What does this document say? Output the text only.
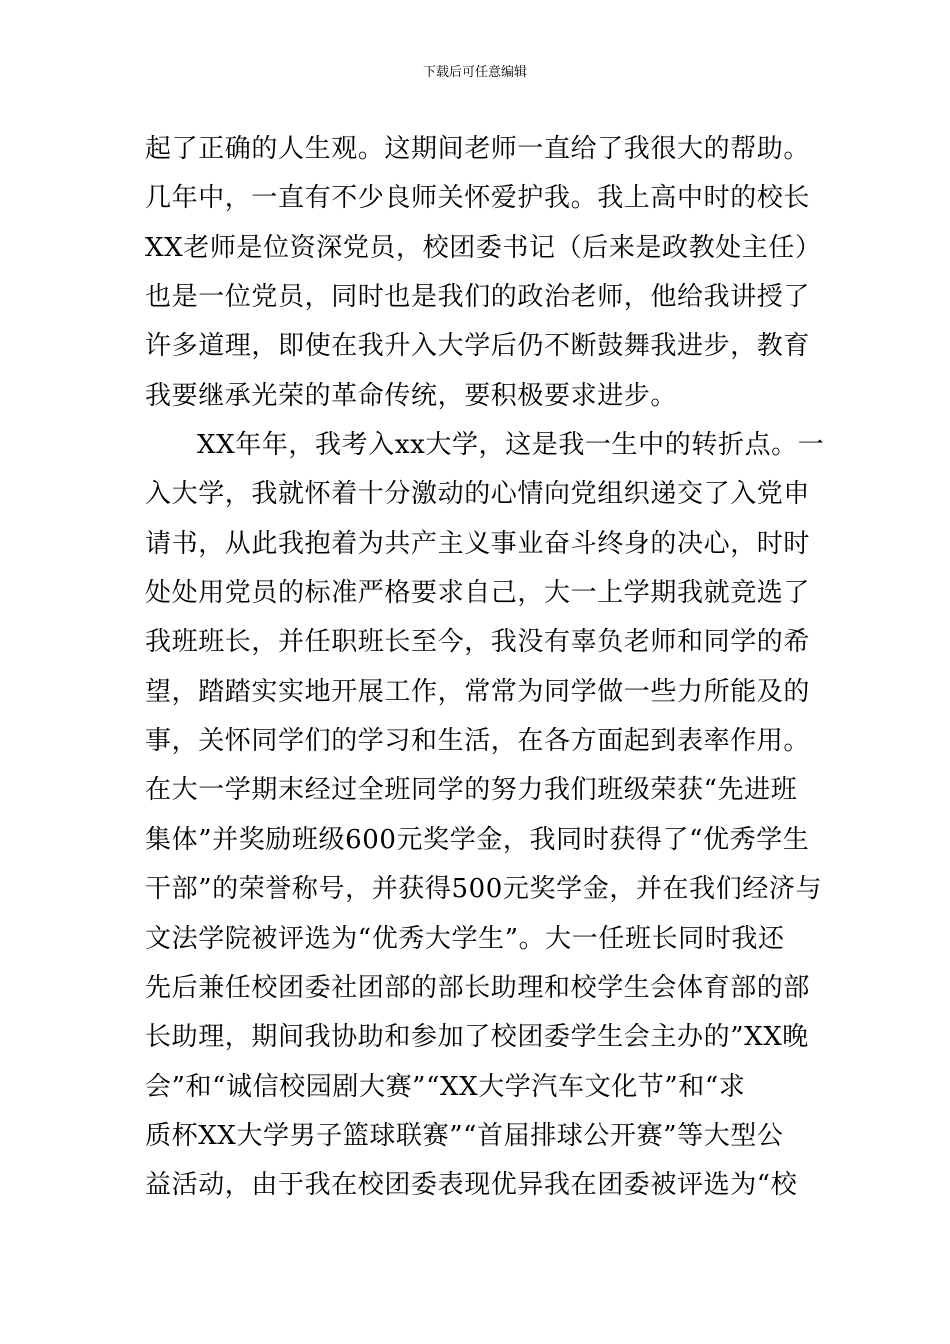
下载后可任意编辑
起了正确的人生观。这期间老师一直给了我很大的帮助。
几年中，一直有不少良师关怀爱护我。我上高中时的校长
XX老师是位资深党员，校团委书记（后来是政教处主任）
也是一位党员，同时也是我们的政治老师，他给我讲授了
许多道理，即使在我升入大学后仍不断鼓舞我进步，教育
我要继承光荣的革命传统，要积极要求进步。
XX年年，我考入xx大学，这是我一生中的转折点。一
入大学，我就怀着十分激动的心情向党组织递交了入党申
请书，从此我抱着为共产主义事业奋斗终身的决心，时时
处处用党员的标准严格要求自己，大一上学期我就竞选了
我班班长，并任职班长至今，我没有辜负老师和同学的希
望，踏踏实实地开展工作，常常为同学做一些力所能及的
事，关怀同学们的学习和生活，在各方面起到表率作用。
在大一学期末经过全班同学的努力我们班级荣获“先进班
集体”并奖励班级600元奖学金，我同时获得了“优秀学生
干部”的荣誉称号，并获得500元奖学金，并在我们经济与
文法学院被评选为“优秀大学生”。大一任班长同时我还
先后兼任校团委社团部的部长助理和校学生会体育部的部
长助理，期间我协助和参加了校团委学生会主办的”XX晚
会”和“诚信校园剧大赛”“XX大学汽车文化节”和“求
质杯XX大学男子篮球联赛”“首届排球公开赛”等大型公
益活动，由于我在校团委表现优异我在团委被评选为“校
